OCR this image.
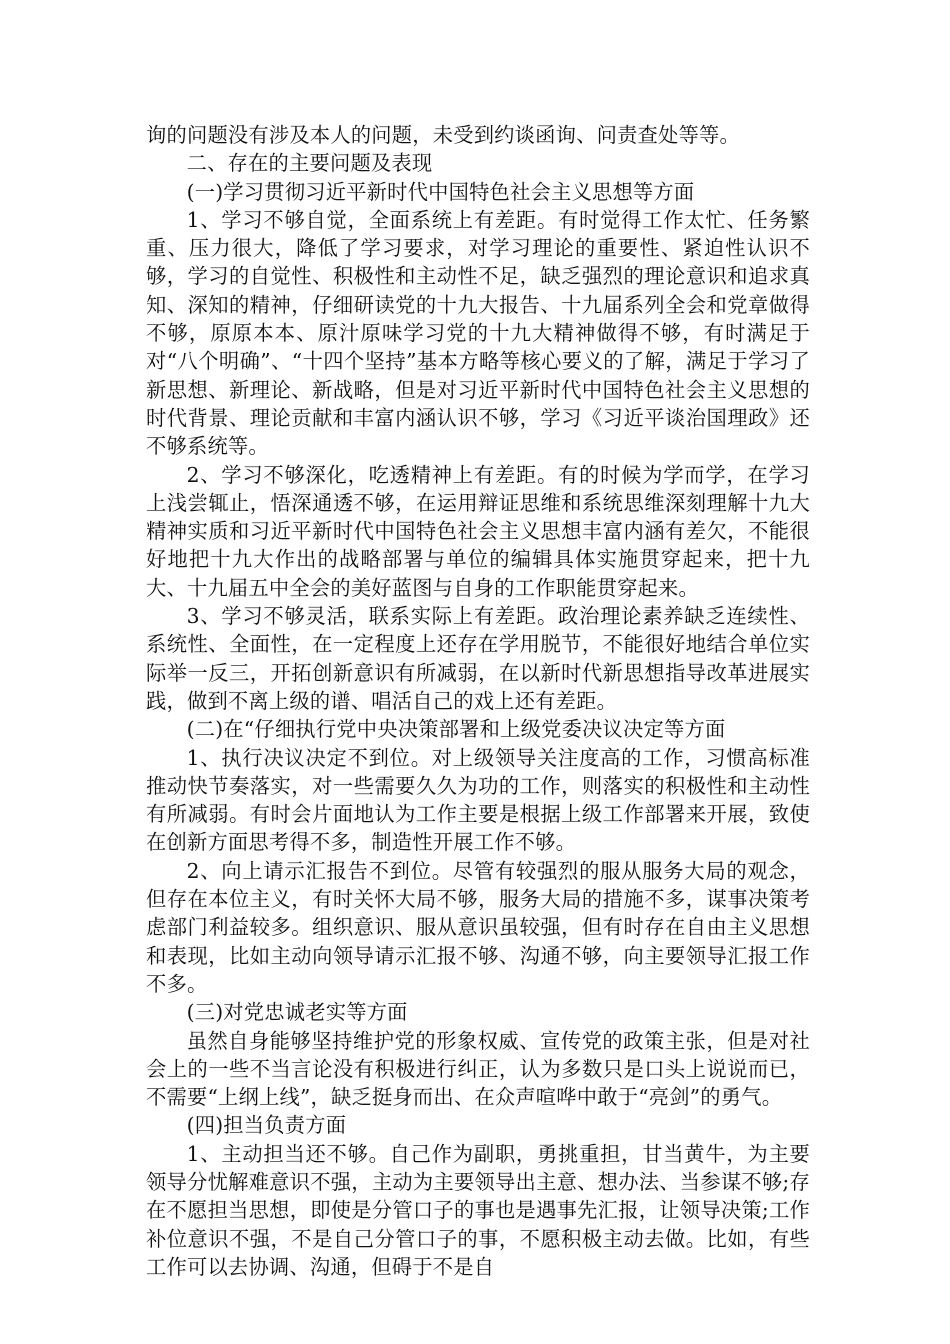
询的问题没有涉及本人的问题，未受到约谈函询、问责查处等等。

二、存在的主要问题及表现

(一)学习贯彻习近平新时代中国特色社会主义思想等方面

1、学习不够自觉，全面系统上有差距。有时觉得工作太忙、任务繁重、压力很大，降低了学习要求，对学习理论的重要性、紧迫性认识不够，学习的自觉性、积极性和主动性不足，缺乏强烈的理论意识和追求真知、深知的精神，仔细研读党的十九大报告、十九届系列全会和党章做得不够，原原本本、原汁原味学习党的十九大精神做得不够，有时满足于对“八个明确”、“十四个坚持”基本方略等核心要义的了解，满足于学习了新思想、新理论、新战略，但是对习近平新时代中国特色社会主义思想的时代背景、理论贡献和丰富内涵认识不够，学习《习近平谈治国理政》还不够系统等。

2、学习不够深化，吃透精神上有差距。有的时候为学而学，在学习上浅尝辄止，悟深通透不够，在运用辩证思维和系统思维深刻理解十九大精神实质和习近平新时代中国特色社会主义思想丰富内涵有差欠，不能很好地把十九大作出的战略部署与单位的编辑具体实施贯穿起来，把十九大、十九届五中全会的美好蓝图与自身的工作职能贯穿起来。

3、学习不够灵活，联系实际上有差距。政治理论素养缺乏连续性、系统性、全面性，在一定程度上还存在学用脱节，不能很好地结合单位实际举一反三，开拓创新意识有所减弱，在以新时代新思想指导改革进展实践，做到不离上级的谱、唱活自己的戏上还有差距。

(二)在“仔细执行党中央决策部署和上级党委决议决定等方面

1、执行决议决定不到位。对上级领导关注度高的工作，习惯高标准推动快节奏落实，对一些需要久久为功的工作，则落实的积极性和主动性有所减弱。有时会片面地认为工作主要是根据上级工作部署来开展，致使在创新方面思考得不多，制造性开展工作不够。

2、向上请示汇报告不到位。尽管有较强烈的服从服务大局的观念，但存在本位主义，有时关怀大局不够，服务大局的措施不多，谋事决策考虑部门利益较多。组织意识、服从意识虽较强，但有时存在自由主义思想和表现，比如主动向领导请示汇报不够、沟通不够，向主要领导汇报工作不多。

(三)对党忠诚老实等方面

虽然自身能够坚持维护党的形象权威、宣传党的政策主张，但是对社会上的一些不当言论没有积极进行纠正，认为多数只是口头上说说而已，不需要“上纲上线”，缺乏挺身而出、在众声喧哗中敢于“亮剑”的勇气。

(四)担当负责方面

1、主动担当还不够。自己作为副职，勇挑重担，甘当黄牛，为主要领导分忧解难意识不强，主动为主要领导出主意、想办法、当参谋不够;存在不愿担当思想，即使是分管口子的事也是遇事先汇报，让领导决策;工作补位意识不强，不是自己分管口子的事，不愿积极主动去做。比如，有些工作可以去协调、沟通，但碍于不是自
